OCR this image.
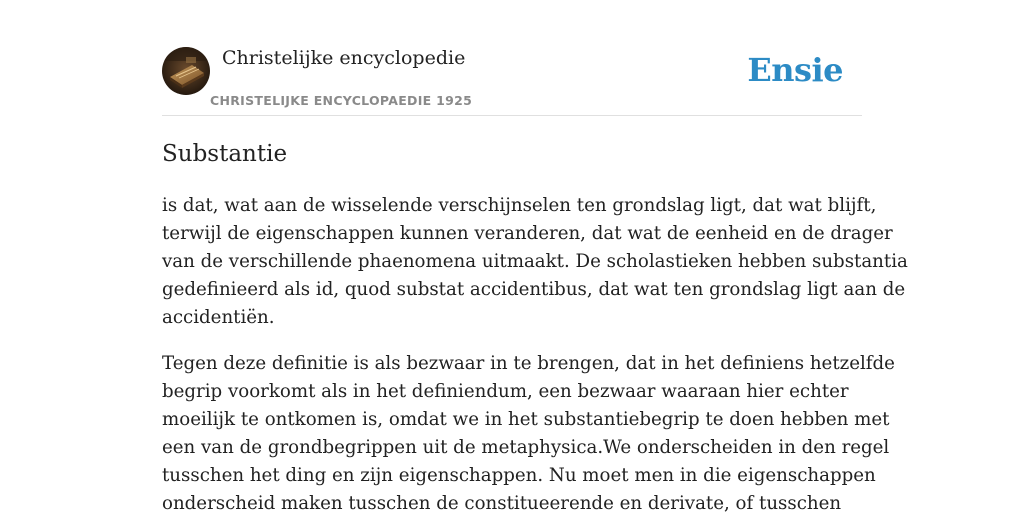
Christelijke encyclopedie
CHRISTELIJKE ENCYCLOPAEDIE 1925
Ensie
Substantie

is dat, wat aan de wisselende verschijnselen ten grondslag ligt, dat wat blijft,
terwijl de eigenschappen kunnen veranderen, dat wat de eenheid en de drager
van de verschillende phaenomena uitmaakt. De scholastieken hebben substantia
gedefinieerd als id, quod substat accidentibus, dat wat ten grondslag ligt aan de
accidentiën.

Tegen deze definitie is als bezwaar in te brengen, dat in het definiens hetzelfde
begrip voorkomt als in het definiendum, een bezwaar waaraan hier echter
moeilijk te ontkomen is, omdat we in het substantiebegrip te doen hebben met
een van de grondbegrippen uit de metaphysica.We onderscheiden in den regel
tusschen het ding en zijn eigenschappen. Nu moet men in die eigenschappen
onderscheid maken tusschen de constitueerende en derivate, of tusschen
